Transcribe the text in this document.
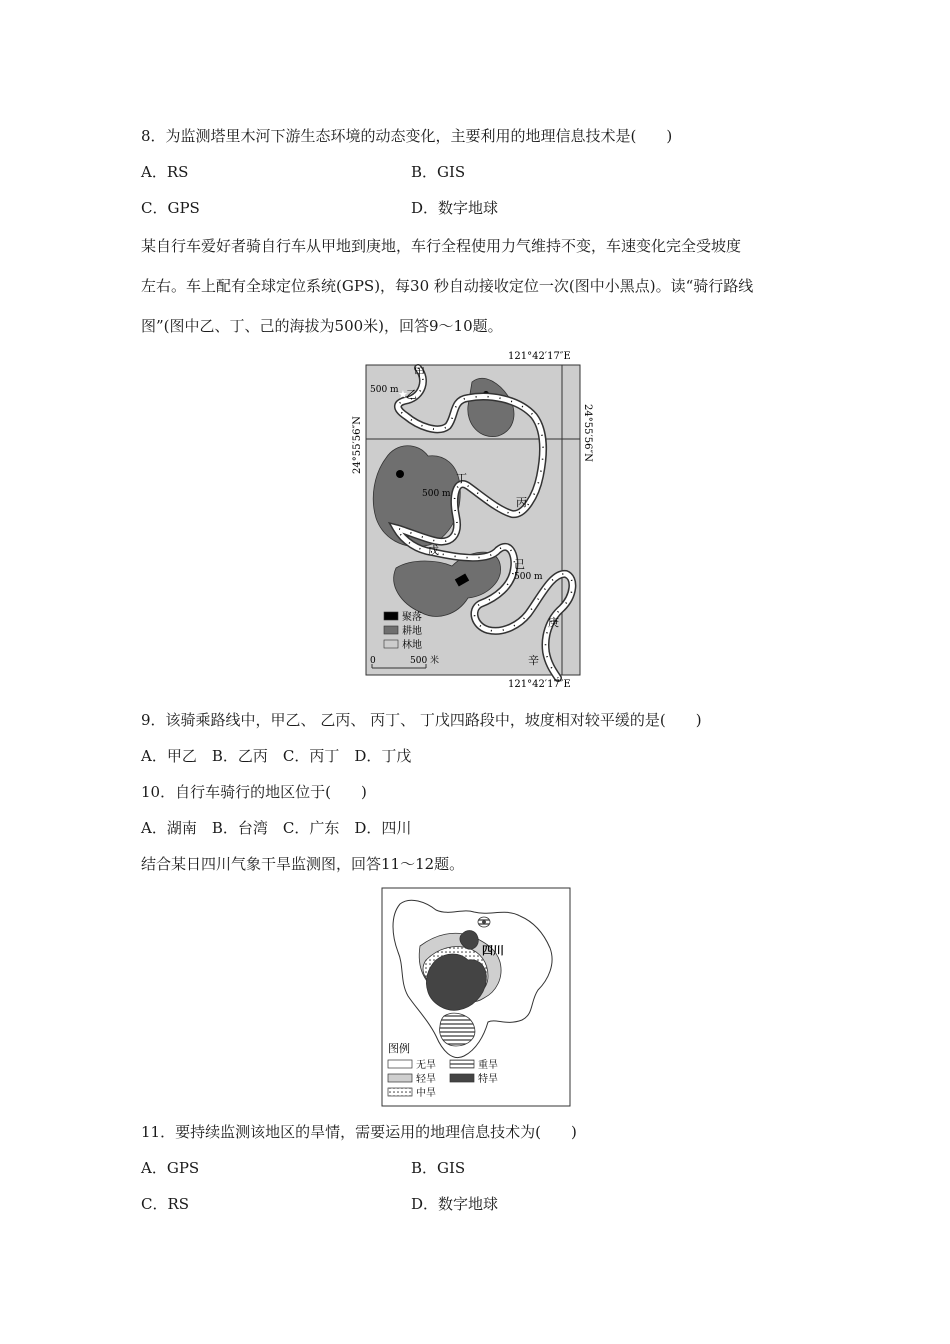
8．为监测塔里木河下游生态环境的动态变化，主要利用的地理信息技术是(　　)
A．RS	B．GIS
C．GPS	D．数字地球
某自行车爱好者骑自行车从甲地到庚地，车行全程使用力气维持不变，车速变化完全受坡度
左右。车上配有全球定位系统(GPS)，每30 秒自动接收定位一次(图中小黑点)。读“骑行路线
图”(图中乙、丁、己的海拔为500米)，回答9～10题。
121°42′17″E
121°42′17″E
24°55′56″N	24°55′56″N
甲
★
乙
500 m
丙
丁
500 m
戊
己
500 m
庚
辛
聚落
耕地
林地
0	500 米
9．该骑乘路线中，甲乙、 乙丙、 丙丁、 丁戊四路段中，坡度相对较平缓的是(　　)
A．甲乙　B．乙丙　C．丙丁　D．丁戊
10．自行车骑行的地区位于(　　)
A．湖南　B．台湾　C．广东　D．四川
结合某日四川气象干旱监测图，回答11～12题。
四川
图例
无旱	重旱
轻旱	特旱
中旱
11．要持续监测该地区的旱情，需要运用的地理信息技术为(　　)
A．GPS	B．GIS
C．RS	D．数字地球
